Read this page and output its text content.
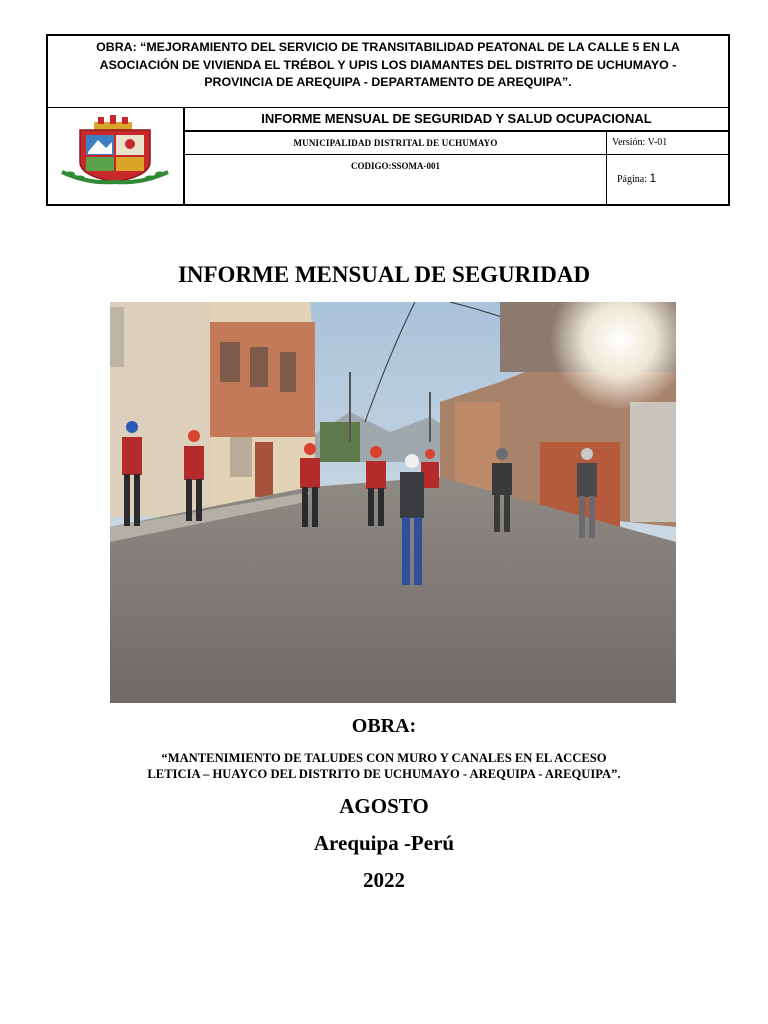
OBRA: “MEJORAMIENTO DEL SERVICIO DE TRANSITABILIDAD PEATONAL DE LA CALLE 5 EN LA
ASOCIACIÓN DE VIVIENDA EL TRÉBOL Y UPIS LOS DIAMANTES DEL DISTRITO DE UCHUMAYO -
PROVINCIA DE AREQUIPA - DEPARTAMENTO DE AREQUIPA”.
INFORME MENSUAL DE SEGURIDAD Y SALUD OCUPACIONAL
MUNICIPALIDAD DISTRITAL DE UCHUMAYO	Versión: V-01
CODIGO:SSOMA-001
Página: 1
INFORME MENSUAL DE SEGURIDAD
OBRA:
“MANTENIMIENTO DE TALUDES CON MURO Y CANALES EN EL ACCESO
LETICIA – HUAYCO DEL DISTRITO DE UCHUMAYO - AREQUIPA - AREQUIPA”.
AGOSTO
Arequipa -Perú
2022
